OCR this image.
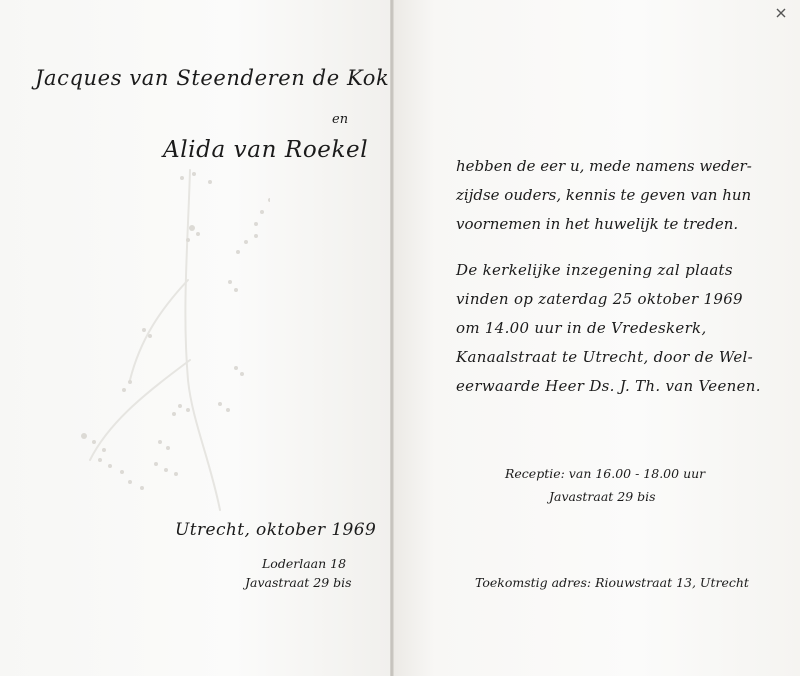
Jacques van Steenderen de Kok
en
Alida van Roekel
Utrecht, oktober 1969
Loderlaan 18
Javastraat 29 bis
hebben de eer u, mede namens weder-
zijdse ouders, kennis te geven van hun
voornemen in het huwelijk te treden.
De kerkelijke inzegening zal plaats
vinden op zaterdag 25 oktober 1969
om 14.00 uur in de Vredeskerk,
Kanaalstraat te Utrecht, door de Wel-
eerwaarde Heer Ds. J. Th. van Veenen.
Receptie: van 16.00 - 18.00 uur
Javastraat 29 bis
Toekomstig adres: Riouwstraat 13, Utrecht
